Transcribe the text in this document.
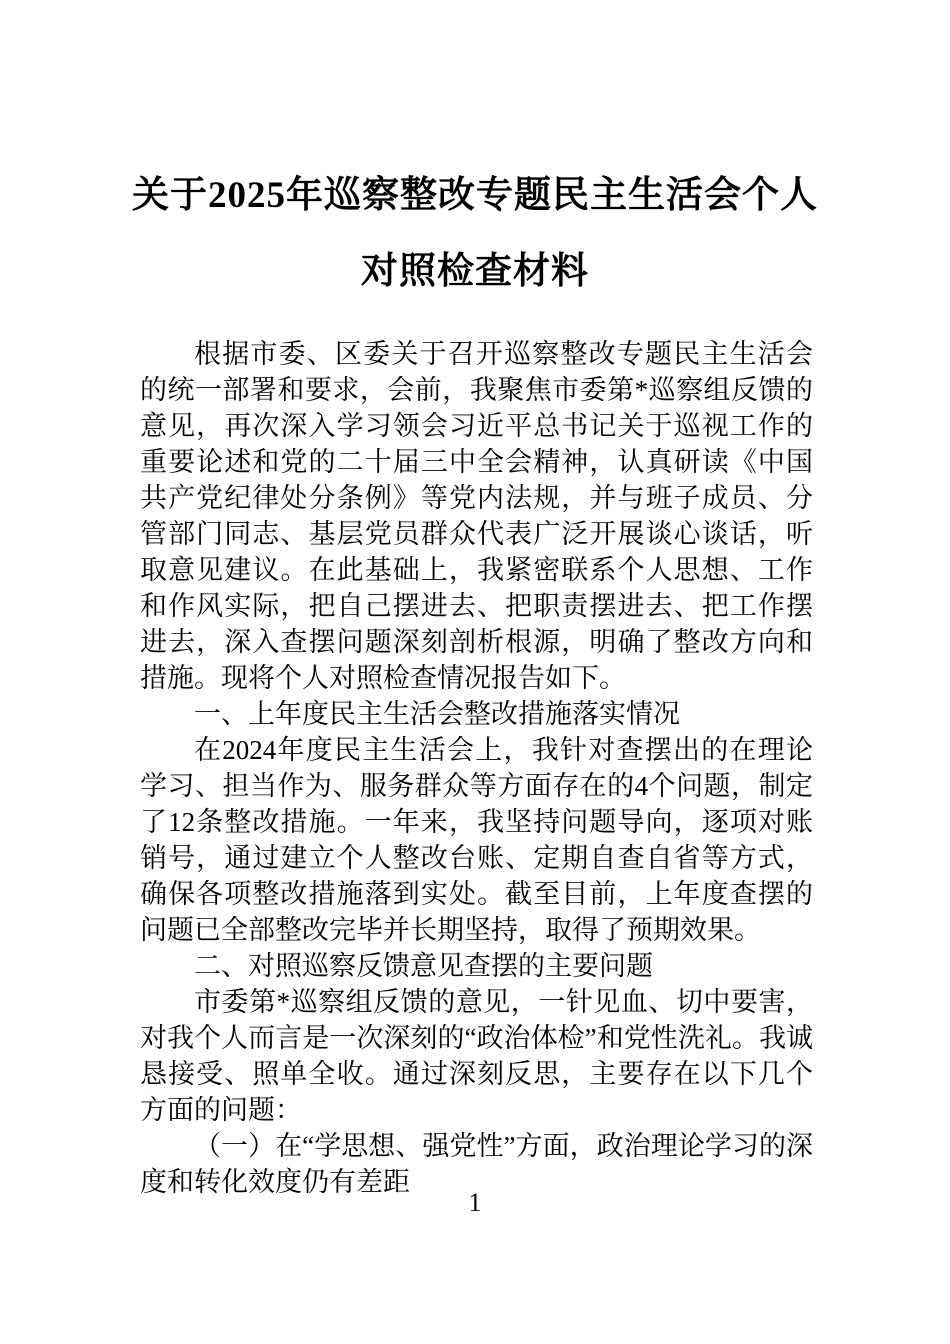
关于2025年巡察整改专题民主生活会个人
对照检查材料

根据市委、区委关于召开巡察整改专题民主生活会的统一部署和要求，会前，我聚焦市委第*巡察组反馈的意见，再次深入学习领会习近平总书记关于巡视工作的重要论述和党的二十届三中全会精神，认真研读《中国共产党纪律处分条例》等党内法规，并与班子成员、分管部门同志、基层党员群众代表广泛开展谈心谈话，听取意见建议。在此基础上，我紧密联系个人思想、工作和作风实际，把自己摆进去、把职责摆进去、把工作摆进去，深入查摆问题深刻剖析根源，明确了整改方向和措施。现将个人对照检查情况报告如下。

一、上年度民主生活会整改措施落实情况

在2024年度民主生活会上，我针对查摆出的在理论学习、担当作为、服务群众等方面存在的4个问题，制定了12条整改措施。一年来，我坚持问题导向，逐项对账销号，通过建立个人整改台账、定期自查自省等方式，确保各项整改措施落到实处。截至目前，上年度查摆的问题已全部整改完毕并长期坚持，取得了预期效果。

二、对照巡察反馈意见查摆的主要问题

市委第*巡察组反馈的意见，一针见血、切中要害，对我个人而言是一次深刻的“政治体检”和党性洗礼。我诚恳接受、照单全收。通过深刻反思，主要存在以下几个方面的问题：

（一）在“学思想、强党性”方面，政治理论学习的深度和转化效度仍有差距

1
